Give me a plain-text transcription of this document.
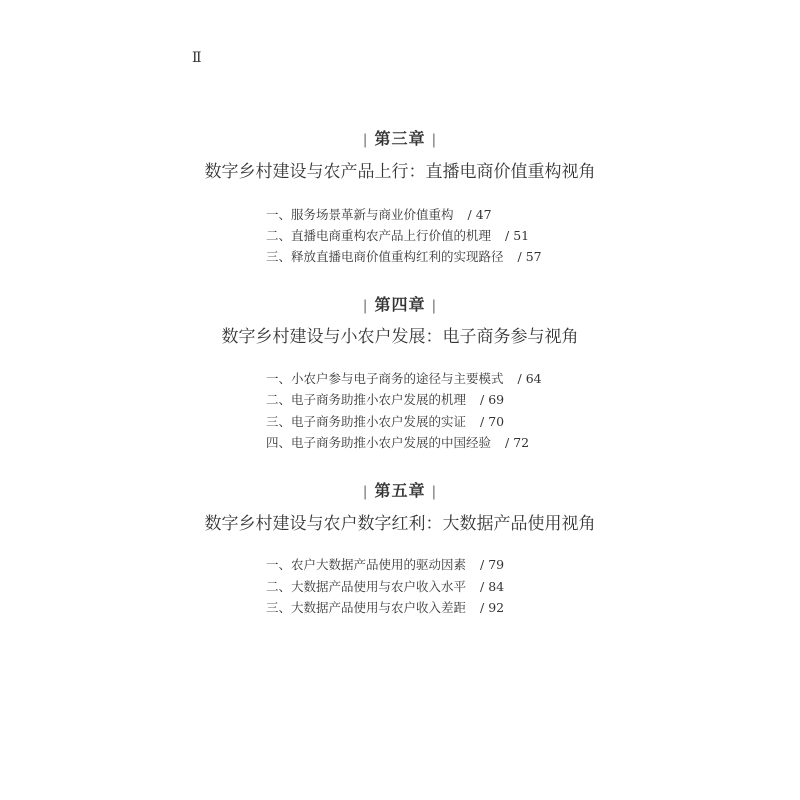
Ⅱ
| 第三章 |
数字乡村建设与农产品上行：直播电商价值重构视角
一、服务场景革新与商业价值重构 / 47
二、直播电商重构农产品上行价值的机理 / 51
三、释放直播电商价值重构红利的实现路径 / 57
| 第四章 |
数字乡村建设与小农户发展：电子商务参与视角
一、小农户参与电子商务的途径与主要模式 / 64
二、电子商务助推小农户发展的机理 / 69
三、电子商务助推小农户发展的实证 / 70
四、电子商务助推小农户发展的中国经验 / 72
| 第五章 |
数字乡村建设与农户数字红利：大数据产品使用视角
一、农户大数据产品使用的驱动因素 / 79
二、大数据产品使用与农户收入水平 / 84
三、大数据产品使用与农户收入差距 / 92
